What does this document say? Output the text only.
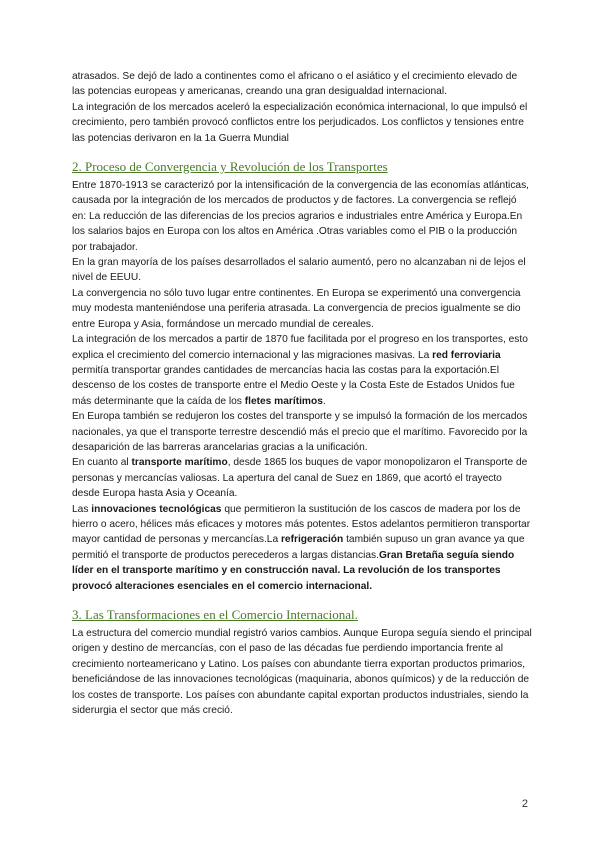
atrasados. Se dejó de lado a continentes como el africano o el asiático y el crecimiento elevado de las potencias europeas y americanas, creando una gran desigualdad internacional.

La integración de los mercados aceleró la especialización económica internacional, lo que impulsó el crecimiento, pero también provocó conflictos entre los perjudicados. Los conflictos y tensiones entre las potencias derivaron en la 1a Guerra Mundial

2. Proceso de Convergencia y Revolución de los Transportes

Entre 1870-1913 se caracterizó por la intensificación de la convergencia de las economías atlánticas, causada por la integración de los mercados de productos y de factores. La convergencia se reflejó en: La reducción de las diferencias de los precios agrarios e industriales entre América y Europa.En los salarios bajos en Europa con los altos en América .Otras variables como el PIB o la producción por trabajador.

En la gran mayoría de los países desarrollados el salario aumentó, pero no alcanzaban ni de lejos el nivel de EEUU.

La convergencia no sólo tuvo lugar entre continentes. En Europa se experimentó una convergencia muy modesta manteniéndose una periferia atrasada. La convergencia de precios igualmente se dio entre Europa y Asia, formándose un mercado mundial de cereales.

La integración de los mercados a partir de 1870 fue facilitada por el progreso en los transportes, esto explica el crecimiento del comercio internacional y las migraciones masivas. La red ferroviaria permitía transportar grandes cantidades de mercancías hacia las costas para la exportación.El descenso de los costes de transporte entre el Medio Oeste y la Costa Este de Estados Unidos fue más determinante que la caída de los fletes marítimos.

En Europa también se redujeron los costes del transporte y se impulsó la formación de los mercados nacionales, ya que el transporte terrestre descendió más el precio que el marítimo. Favorecido por la desaparición de las barreras arancelarias gracias a la unificación.

En cuanto al transporte marítimo, desde 1865 los buques de vapor monopolizaron el Transporte de personas y mercancías valiosas. La apertura del canal de Suez en 1869, que acortó el trayecto desde Europa hasta Asia y Oceanía.

Las innovaciones tecnológicas que permitieron la sustitución de los cascos de madera por los de hierro o acero, hélices más eficaces y motores más potentes. Estos adelantos permitieron transportar mayor cantidad de personas y mercancías.La refrigeración también supuso un gran avance ya que permitió el transporte de productos perecederos a largas distancias.Gran Bretaña seguía siendo líder en el transporte marítimo y en construcción naval. La revolución de los transportes provocó alteraciones esenciales en el comercio internacional.

3. Las Transformaciones en el Comercio Internacional.

La estructura del comercio mundial registró varios cambios. Aunque Europa seguía siendo el principal origen y destino de mercancías, con el paso de las décadas fue perdiendo importancia frente al crecimiento norteamericano y Latino. Los países con abundante tierra exportan productos primarios, beneficiándose de las innovaciones tecnológicas (maquinaria, abonos químicos) y de la reducción de los costes de transporte. Los países con abundante capital exportan productos industriales, siendo la siderurgia el sector que más creció.

2
